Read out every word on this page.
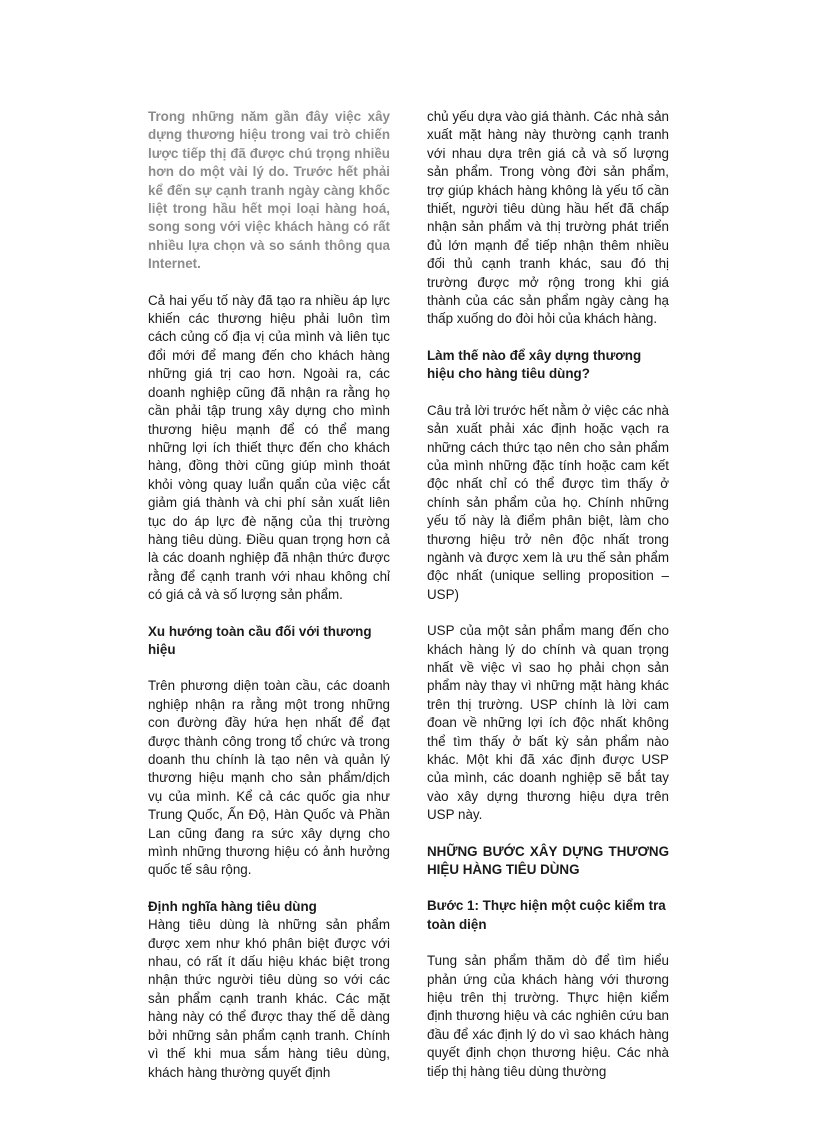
Trong những năm gần đây việc xây dựng thương hiệu trong vai trò chiến lược tiếp thị đã được chú trọng nhiều hơn do một vài lý do. Trước hết phải kể đến sự cạnh tranh ngày càng khốc liệt trong hầu hết mọi loại hàng hoá, song song với việc khách hàng có rất nhiều lựa chọn và so sánh thông qua Internet.

Cả hai yếu tố này đã tạo ra nhiều áp lực khiến các thương hiệu phải luôn tìm cách củng cố địa vị của mình và liên tục đổi mới để mang đến cho khách hàng những giá trị cao hơn. Ngoài ra, các doanh nghiệp cũng đã nhận ra rằng họ cần phải tập trung xây dựng cho mình thương hiệu mạnh để có thể mang những lợi ích thiết thực đến cho khách hàng, đồng thời cũng giúp mình thoát khỏi vòng quay luẩn quẩn của việc cắt giảm giá thành và chi phí sản xuất liên tục do áp lực đè nặng của thị trường hàng tiêu dùng. Điều quan trọng hơn cả là các doanh nghiệp đã nhận thức được rằng để cạnh tranh với nhau không chỉ có giá cả và số lượng sản phẩm.

Xu hướng toàn cầu đối với thương hiệu

Trên phương diện toàn cầu, các doanh nghiệp nhận ra rằng một trong những con đường đầy hứa hẹn nhất để đạt được thành công trong tổ chức và trong doanh thu chính là tạo nên và quản lý thương hiệu mạnh cho sản phẩm/dịch vụ của mình. Kể cả các quốc gia như Trung Quốc, Ấn Độ, Hàn Quốc và Phần Lan cũng đang ra sức xây dựng cho mình những thương hiệu có ảnh hưởng quốc tế sâu rộng.

Định nghĩa hàng tiêu dùng

Hàng tiêu dùng là những sản phẩm được xem như khó phân biệt được với nhau, có rất ít dấu hiệu khác biệt trong nhận thức người tiêu dùng so với các sản phẩm cạnh tranh khác. Các mặt hàng này có thể được thay thế dễ dàng bởi những sản phẩm cạnh tranh. Chính vì thế khi mua sắm hàng tiêu dùng, khách hàng thường quyết định

chủ yếu dựa vào giá thành. Các nhà sản xuất mặt hàng này thường cạnh tranh với nhau dựa trên giá cả và số lượng sản phẩm. Trong vòng đời sản phẩm, trợ giúp khách hàng không là yếu tố cần thiết, người tiêu dùng hầu hết đã chấp nhận sản phẩm và thị trường phát triển đủ lớn mạnh để tiếp nhận thêm nhiều đối thủ cạnh tranh khác, sau đó thị trường được mở rộng trong khi giá thành của các sản phẩm ngày càng hạ thấp xuống do đòi hỏi của khách hàng.

Làm thế nào để xây dựng thương hiệu cho hàng tiêu dùng?

Câu trả lời trước hết nằm ở việc các nhà sản xuất phải xác định hoặc vạch ra những cách thức tạo nên cho sản phẩm của mình những đặc tính hoặc cam kết độc nhất chỉ có thể được tìm thấy ở chính sản phẩm của họ. Chính những yếu tố này là điểm phân biệt, làm cho thương hiệu trở nên độc nhất trong ngành và được xem là ưu thế sản phẩm độc nhất (unique selling proposition – USP)

USP của một sản phẩm mang đến cho khách hàng lý do chính và quan trọng nhất về việc vì sao họ phải chọn sản phẩm này thay vì những mặt hàng khác trên thị trường. USP chính là lời cam đoan về những lợi ích độc nhất không thể tìm thấy ở bất kỳ sản phẩm nào khác. Một khi đã xác định được USP của mình, các doanh nghiệp sẽ bắt tay vào xây dựng thương hiệu dựa trên USP này.

NHỮNG BƯỚC XÂY DỰNG THƯƠNG HIỆU HÀNG TIÊU DÙNG
Bước 1: Thực hiện một cuộc kiểm tra toàn diện

Tung sản phẩm thăm dò để tìm hiểu phản ứng của khách hàng với thương hiệu trên thị trường. Thực hiện kiểm định thương hiệu và các nghiên cứu ban đầu để xác định lý do vì sao khách hàng quyết định chọn thương hiệu. Các nhà tiếp thị hàng tiêu dùng thường
